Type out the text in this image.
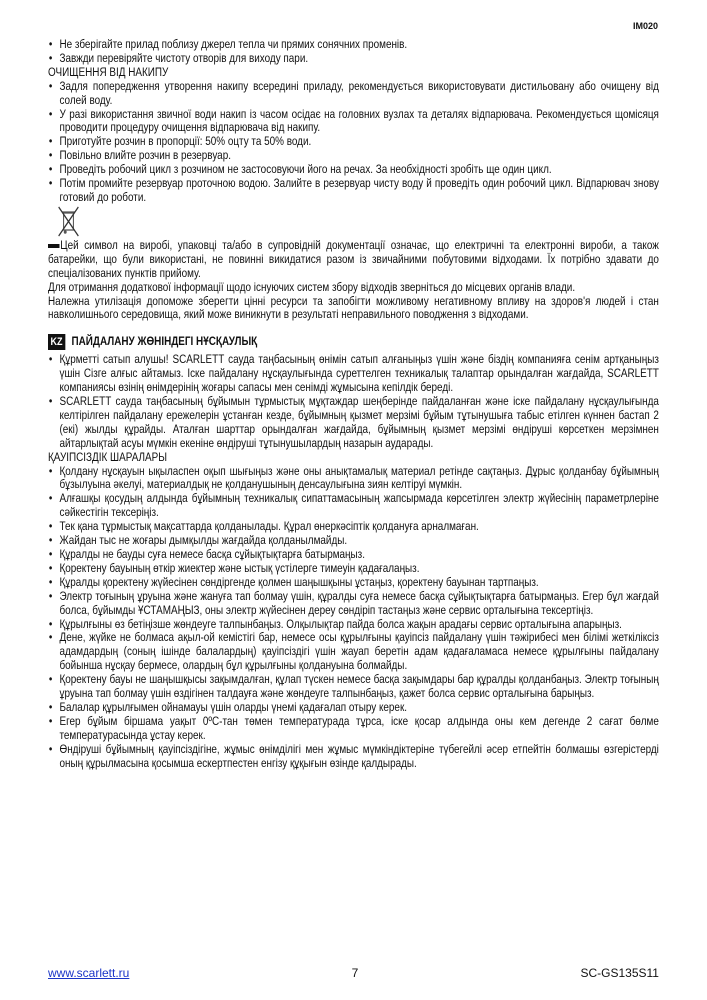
IM020
• Не зберігайте прилад поблизу джерел тепла чи прямих сонячних променів.
• Завжди перевіряйте чистоту отворів для виходу пари.
ОЧИЩЕННЯ ВІД НАКИПУ
• Задля попередження утворення накипу всередині приладу, рекомендується використовувати дистильовану або очищену від солей воду.
• У разі використання звичної води накип із часом осідає на головних вузлах та деталях відпарювача. Рекомендується щомісяця проводити процедуру очищення відпарювача від накипу.
• Приготуйте розчин в пропорції: 50% оцту та 50% води.
• Повільно влийте розчин в резервуар.
• Проведіть робочий цикл з розчином не застосовуючи його на речах. За необхідності зробіть ще один цикл.
• Потім промийте резервуар проточною водою. Залийте в резервуар чисту воду й проведіть один робочий цикл. Відпарювач знову готовий до роботи.
Цей символ на виробі, упаковці та/або в супровідній документації означає, що електричні та електронні вироби, а також батарейки, що були використані, не повинні викидатися разом із звичайними побутовими відходами. Їх потрібно здавати до спеціалізованих пунктів прийому.
Для отримання додаткової інформації щодо існуючих систем збору відходів зверніться до місцевих органів влади.
Належна утилізація допоможе зберегти цінні ресурси та запобігти можливому негативному впливу на здоров'я людей і стан навколишнього середовища, який може виникнути в результаті неправильного поводження з відходами.
KZ ПАЙДАЛАНУ ЖӨНІНДЕГІ НҰСҚАУЛЫҚ
• Құрметті сатып алушы! SCARLETT сауда таңбасының өнімін сатып алғаныңыз үшін және біздің компанияға сенім артқаныңыз үшін Сізге алғыс айтамыз. Іске пайдалану нұсқаулығында суреттелген техникалық талаптар орындалған жағдайда, SCARLETT компаниясы өзінің өнімдерінің жоғары сапасы мен сенімді жұмысына кепілдік береді.
• SCARLETT сауда таңбасының бұйымын тұрмыстық мұқтаждар шеңберінде пайдаланған және іске пайдалану нұсқаулығында келтірілген пайдалану ережелерін ұстанған кезде, бұйымның қызмет мерзімі бұйым тұтынушыға табыс етілген күннен бастап 2 (екі) жылды құрайды. Аталған шарттар орындалған жағдайда, бұйымның қызмет мерзімі өндіруші көрсеткен мерзімнен айтарлықтай асуы мүмкін екеніне өндіруші тұтынушылардың назарын аударады.
ҚАУІПСІЗДІК ШАРАЛАРЫ
• Қолдану нұсқауын ықыласпен оқып шығыңыз және оны анықтамалық материал ретінде сақтаңыз. Дұрыс қолданбау бұйымның бұзылуына әкелуі, материалдық не қолданушының денсаулығына зиян келтіруі мүмкін.
• Алғашқы қосудың алдында бұйымның техникалық сипаттамасының жапсырмада көрсетілген электр жүйесінің параметрлеріне сәйкестігін тексеріңіз.
• Тек қана тұрмыстық мақсаттарда қолданылады. Құрал өнеркәсіптік қолдануға арналмаған.
• Жайдан тыс не жоғары дымқылды жағдайда қолданылмайды.
• Құралды не бауды суға немесе басқа сұйықтықтарға батырмаңыз.
• Қоректену бауының өткір жиектер және ыстық үстілерге тимеуін қадағалаңыз.
• Құралды қоректену жүйесінен сөндіргенде қолмен шаңышқыны ұстаңыз, қоректену бауынан тартпаңыз.
• Электр тоғының ұруына және жануға тап болмау үшін, құралды суға немесе басқа сұйықтықтарға батырмаңыз. Егер бұл жағдай болса, бұйымды ҰСТАМАҢЫЗ, оны электр жүйесінен дереу сөндіріп тастаңыз және сервис орталығына тексертіңіз.
• Құрылғыны өз бетіңізше жөндеуге талпынбаңыз. Олқылықтар пайда болса жақын арадағы сервис орталығына апарыңыз.
• Дене, жүйке не болмаса ақыл-ой кемістігі бар, немесе осы құрылғыны қауіпсіз пайдалану үшін тәжірибесі мен білімі жеткіліксіз адамдардың (соның ішінде балалардың) қауіпсіздігі үшін жауап беретін адам қадағаламаса немесе құрылғыны пайдалану бойынша нұсқау бермесе, олардың бұл құрылғыны қолдануына болмайды.
• Қоректену бауы не шаңышқысы зақымдалған, құлап түскен немесе басқа зақымдары бар құралды қолданбаңыз. Электр тоғының ұруына тап болмау үшін өздігінен талдауға және жөндеуге талпынбаңыз, қажет болса сервис орталығына барыңыз.
• Балалар құрылғымен ойнамауы үшін оларды үнемі қадағалап отыру керек.
• Егер бұйым біршама уақыт 0ºC-тан төмен температурада тұрса, іске қосар алдында оны кем дегенде 2 сағат бөлме температурасында ұстау керек.
• Өндіруші бұйымның қауіпсіздігіне, жұмыс өнімділігі мен жұмыс мүмкіндіктеріне түбегейлі әсер етпейтін болмашы өзгерістерді оның құрылмасына қосымша ескертпестен енгізу құқығын өзінде қалдырады.
www.scarlett.ru	7	SC-GS135S11
